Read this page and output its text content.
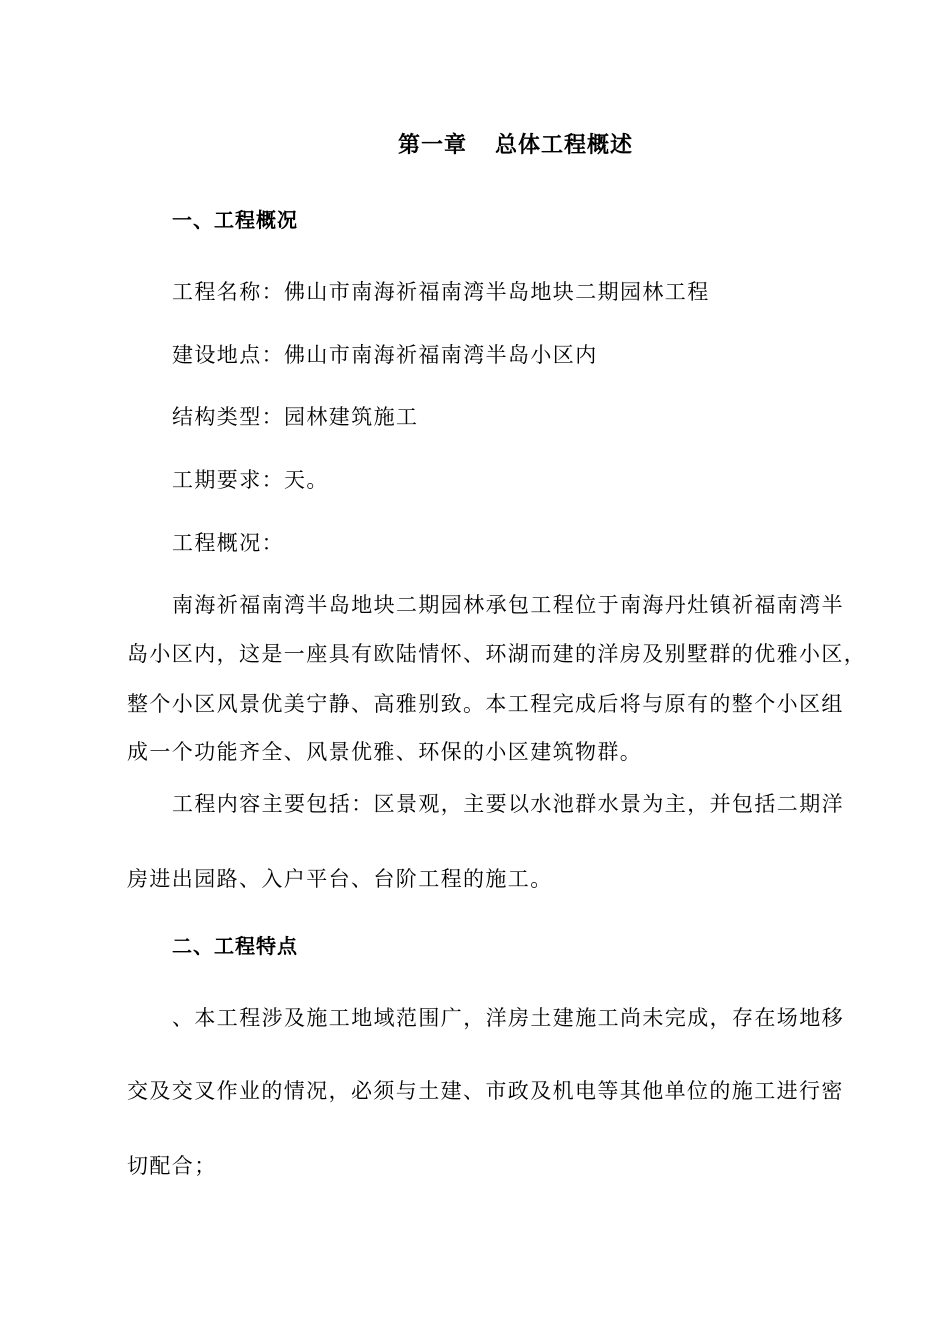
第一章 总体工程概述
一、工程概况
工程名称：佛山市南海祈福南湾半岛地块二期园林工程
建设地点：佛山市南海祈福南湾半岛小区内
结构类型：园林建筑施工
工期要求：天。
工程概况：
南海祈福南湾半岛地块二期园林承包工程位于南海丹灶镇祈福南湾半
岛小区内，这是一座具有欧陆情怀、环湖而建的洋房及别墅群的优雅小区，
整个小区风景优美宁静、高雅别致。本工程完成后将与原有的整个小区组
成一个功能齐全、风景优雅、环保的小区建筑物群。
工程内容主要包括：区景观，主要以水池群水景为主，并包括二期洋
房进出园路、入户平台、台阶工程的施工。
二、工程特点
、本工程涉及施工地域范围广，洋房土建施工尚未完成，存在场地移
交及交叉作业的情况，必须与土建、市政及机电等其他单位的施工进行密
切配合；
